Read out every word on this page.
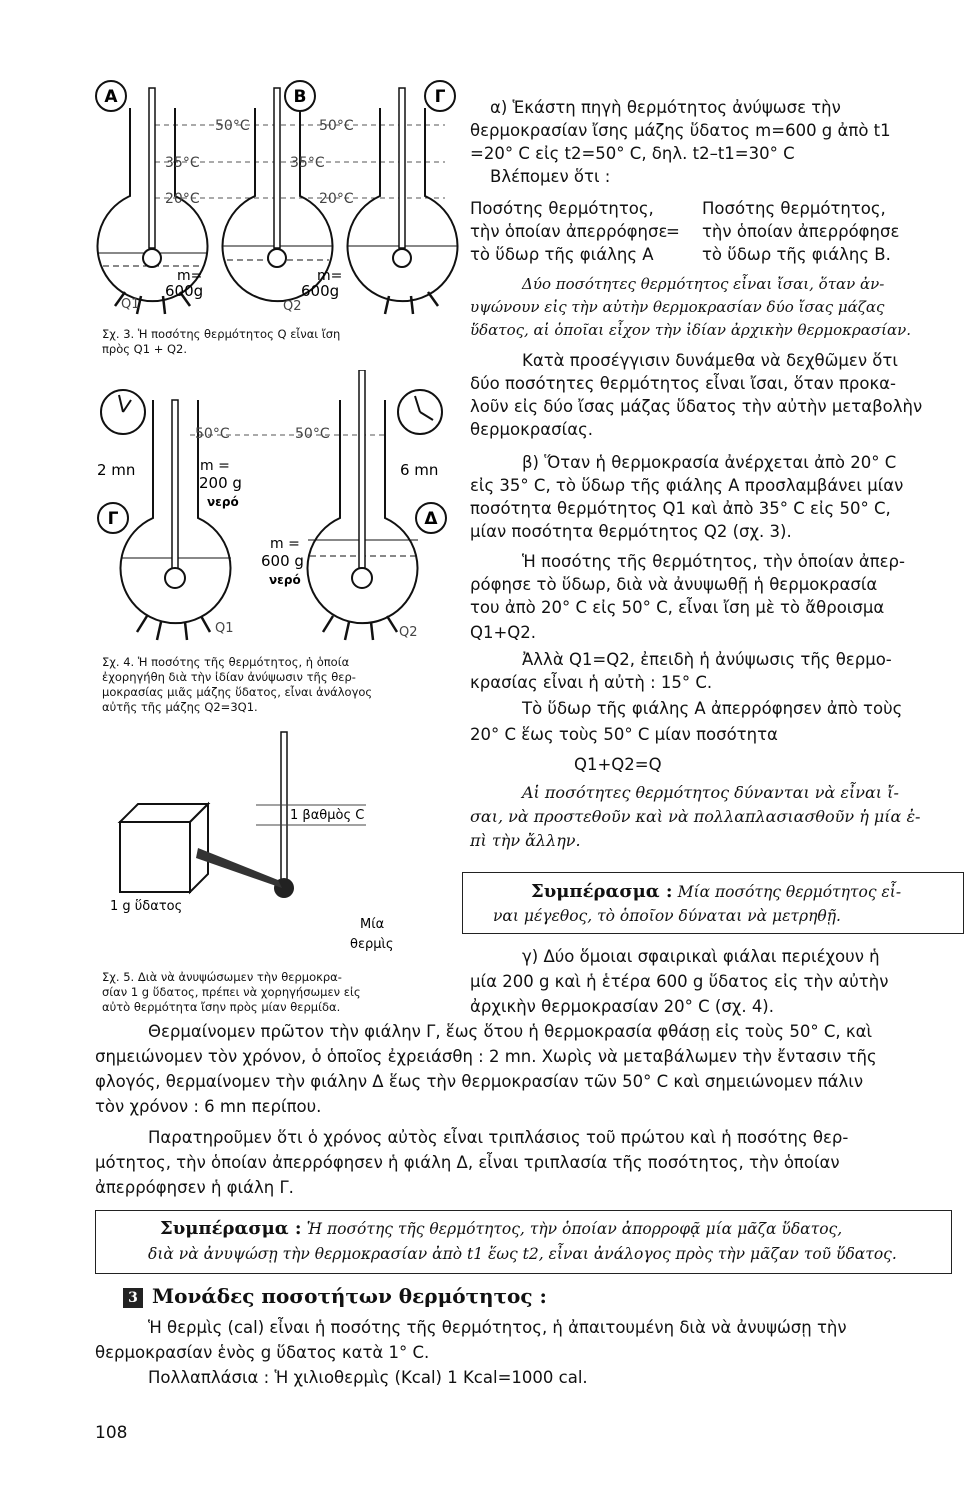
A	B	Γ
50°C	50°C
35°C	35°C
20°C	20°C
m=
600g
m=
600g
Q1	Q2
Σχ. 3. Ἡ ποσότης θερμότητος Q εἶναι ἴση
πρὸς Q1 + Q2.
2 mn	6 mn
Γ	Δ
50°C	50°C
m =
200 g
νερό
m =
600 g
νερό
Q1	Q2
Σχ. 4. Ἡ ποσότης τῆς θερμότητος, ἡ ὁποία
ἐχορηγήθη διὰ τὴν ἰδίαν ἀνύψωσιν τῆς θερ-
μοκρασίας μιᾶς μάζης ὕδατος, εἶναι ἀνάλογος
αὐτῆς τῆς μάζης Q2=3Q1.
1 βαθμὸς C
1 g ὕδατος
Μία
θερμὶς
Σχ. 5. Διὰ νὰ ἀνυψώσωμεν τὴν θερμοκρα-
σίαν 1 g ὕδατος, πρέπει νὰ χορηγήσωμεν εἰς
αὐτὸ θερμότητα ἴσην πρὸς μίαν θερμίδα.
α) Ἑκάστη πηγὴ θερμότητος ἀνύψωσε τὴν
θερμοκρασίαν ἴσης μάζης ὕδατος m=600 g ἀπὸ t1
=20° C εἰς t2=50° C, δηλ. t2–t1=30° C
Βλέπομεν ὅτι :
Ποσότης θερμότητος,
τὴν ὁποίαν ἀπερρόφησε
τὸ ὕδωρ τῆς φιάλης A
=
Ποσότης θερμότητος,
τὴν ὁποίαν ἀπερρόφησε
τὸ ὕδωρ τῆς φιάλης B.
Δύο ποσότητες θερμότητος εἶναι ἴσαι, ὅταν ἀν-
υψώνουν εἰς τὴν αὐτὴν θερμοκρασίαν δύο ἴσας μάζας
ὕδατος, αἱ ὁποῖαι εἶχον τὴν ἰδίαν ἀρχικὴν θερμοκρασίαν.
Κατὰ προσέγγισιν δυνάμεθα νὰ δεχθῶμεν ὅτι
δύο ποσότητες θερμότητος εἶναι ἴσαι, ὅταν προκα-
λοῦν εἰς δύο ἴσας μάζας ὕδατος τὴν αὐτὴν μεταβολὴν
θερμοκρασίας.
β) Ὅταν ἡ θερμοκρασία ἀνέρχεται ἀπὸ 20° C
εἰς 35° C, τὸ ὕδωρ τῆς φιάλης A προσλαμβάνει μίαν
ποσότητα θερμότητος Q1 καὶ ἀπὸ 35° C εἰς 50° C,
μίαν ποσότητα θερμότητος Q2 (σχ. 3).
Ἡ ποσότης τῆς θερμότητος, τὴν ὁποίαν ἀπερ-
ρόφησε τὸ ὕδωρ, διὰ νὰ ἀνυψωθῇ ἡ θερμοκρασία
του ἀπὸ 20° C εἰς 50° C, εἶναι ἴση μὲ τὸ ἄθροισμα
Q1+Q2.
Ἀλλὰ Q1=Q2, ἐπειδὴ ἡ ἀνύψωσις τῆς θερμο-
κρασίας εἶναι ἡ αὐτὴ : 15° C.
Τὸ ὕδωρ τῆς φιάλης A ἀπερρόφησεν ἀπὸ τοὺς
20° C ἕως τοὺς 50° C μίαν ποσότητα
Q1+Q2=Q
Αἱ ποσότητες θερμότητος δύνανται νὰ εἶναι ἴ-
σαι, νὰ προστεθοῦν καὶ νὰ πολλαπλασιασθοῦν ἡ μία ἐ-
πὶ τὴν ἄλλην.
Συμπέρασμα : Μία ποσότης θερμότητος εἶ-
ναι μέγεθος, τὸ ὁποῖον δύναται νὰ μετρηθῇ.
γ) Δύο ὅμοιαι σφαιρικαὶ φιάλαι περιέχουν ἡ
μία 200 g καὶ ἡ ἑτέρα 600 g ὕδατος εἰς τὴν αὐτὴν
ἀρχικὴν θερμοκρασίαν 20° C (σχ. 4).
Θερμαίνομεν πρῶτον τὴν φιάλην Γ, ἕως ὅτου ἡ θερμοκρασία φθάσῃ εἰς τοὺς 50° C, καὶ
σημειώνομεν τὸν χρόνον, ὁ ὁποῖος ἐχρειάσθη : 2 mn. Χωρὶς νὰ μεταβάλωμεν τὴν ἔντασιν τῆς
φλογός, θερμαίνομεν τὴν φιάλην Δ ἕως τὴν θερμοκρασίαν τῶν 50° C καὶ σημειώνομεν πάλιν
τὸν χρόνον : 6 mn περίπου.
Παρατηροῦμεν ὅτι ὁ χρόνος αὐτὸς εἶναι τριπλάσιος τοῦ πρώτου καὶ ἡ ποσότης θερ-
μότητος, τὴν ὁποίαν ἀπερρόφησεν ἡ φιάλη Δ, εἶναι τριπλασία τῆς ποσότητος, τὴν ὁποίαν
ἀπερρόφησεν ἡ φιάλη Γ.
Συμπέρασμα : Ἡ ποσότης τῆς θερμότητος, τὴν ὁποίαν ἀπορροφᾷ μία μᾶζα ὕδατος,
διὰ νὰ ἀνυψώσῃ τὴν θερμοκρασίαν ἀπὸ t1 ἕως t2, εἶναι ἀνάλογος πρὸς τὴν μᾶζαν τοῦ ὕδατος.
3 Μονάδες ποσοτήτων θερμότητος :
Ἡ θερμὶς (cal) εἶναι ἡ ποσότης τῆς θερμότητος, ἡ ἀπαιτουμένη διὰ νὰ ἀνυψώσῃ τὴν
θερμοκρασίαν ἑνὸς g ὕδατος κατὰ 1° C.
Πολλαπλάσια : Ἡ χιλιοθερμὶς (Kcal) 1 Kcal=1000 cal.
108
